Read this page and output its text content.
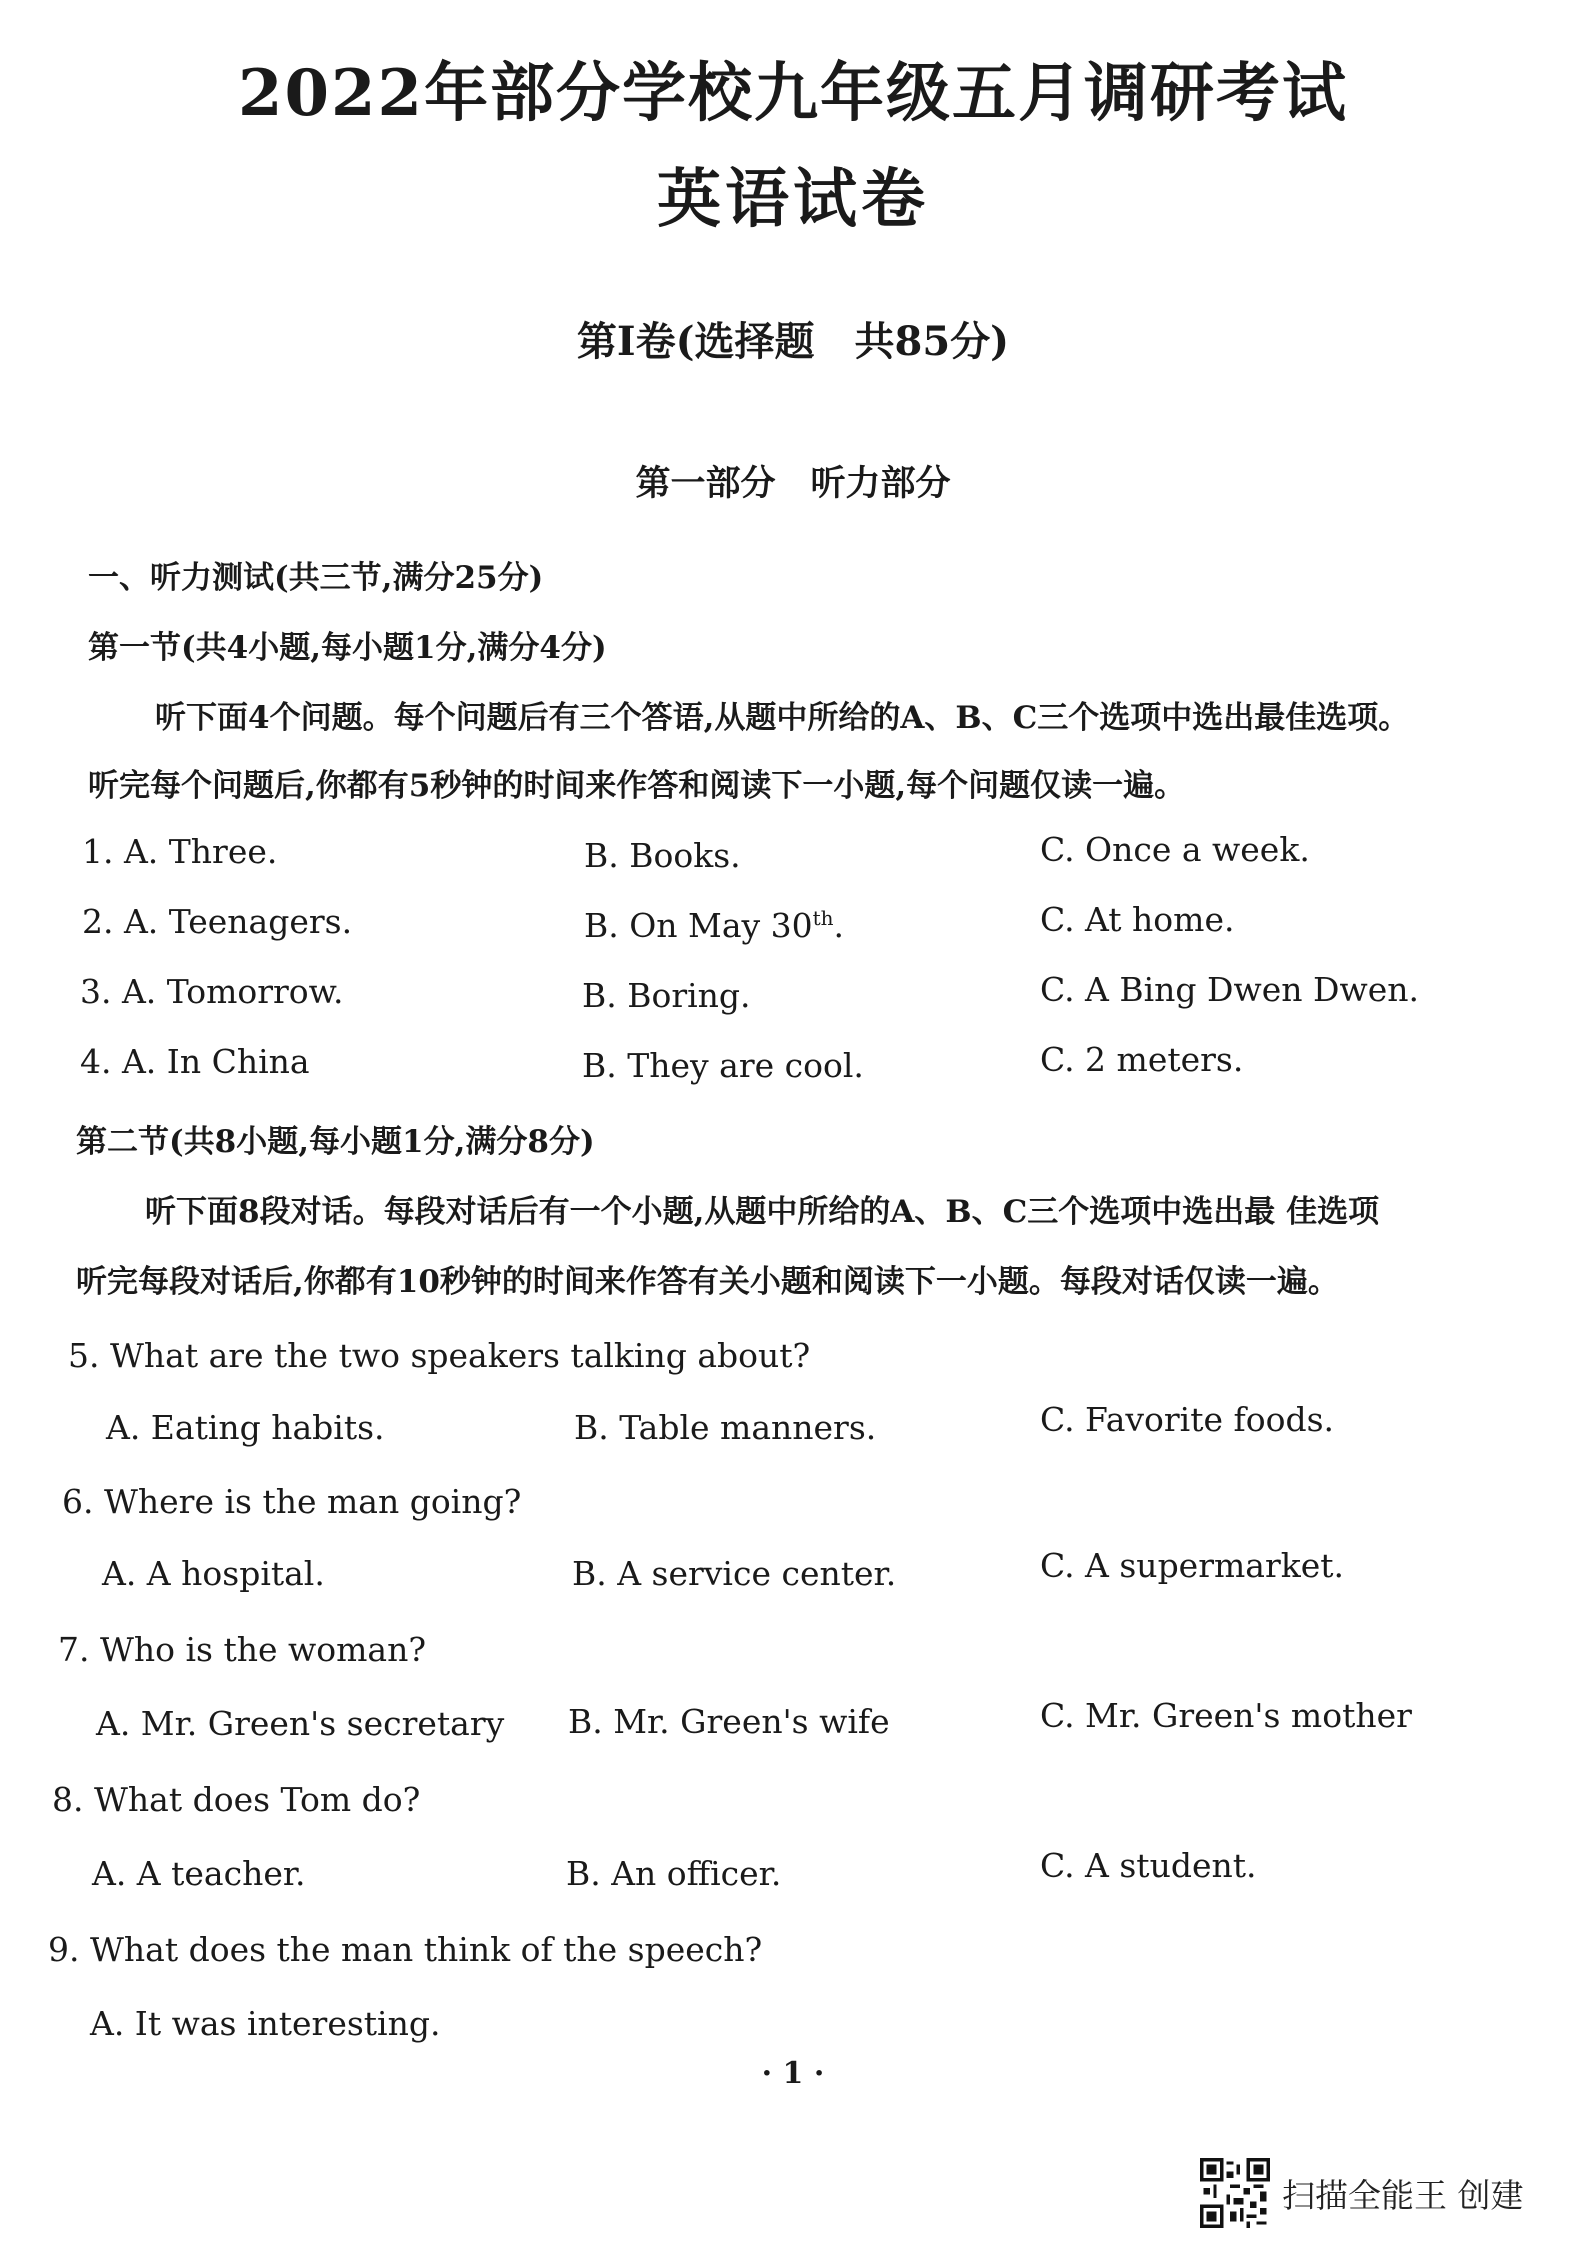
2022年部分学校九年级五月调研考试
英语试卷
第Ⅰ卷(选择题　共85分)
第一部分　听力部分
一、听力测试(共三节,满分25分)
第一节(共4小题,每小题1分,满分4分)
听下面4个问题。每个问题后有三个答语,从题中所给的A、B、C三个选项中选出最佳选项。
听完每个问题后,你都有5秒钟的时间来作答和阅读下一小题,每个问题仅读一遍。
1. A. Three.	B. Books.	C. Once a week.
2. A. Teenagers.	B. On May 30th.	C. At home.
3. A. Tomorrow.	B. Boring.	C. A Bing Dwen Dwen.
4. A. In China	B. They are cool.	C. 2 meters.
第二节(共8小题,每小题1分,满分8分)
听下面8段对话。每段对话后有一个小题,从题中所给的A、B、C三个选项中选出最 佳选项
听完每段对话后,你都有10秒钟的时间来作答有关小题和阅读下一小题。每段对话仅读一遍。
5. What are the two speakers talking about?
A. Eating habits.	B. Table manners.	C. Favorite foods.
6. Where is the man going?
A. A hospital.	B. A service center.	C. A supermarket.
7. Who is the woman?
A. Mr. Green's secretary B. Mr. Green's wife	C. Mr. Green's mother
8. What does Tom do?
A. A teacher.	B. An officer.	C. A student.
9. What does the man think of the speech?
A. It was interesting.
· 1 ·
扫描全能王 创建
